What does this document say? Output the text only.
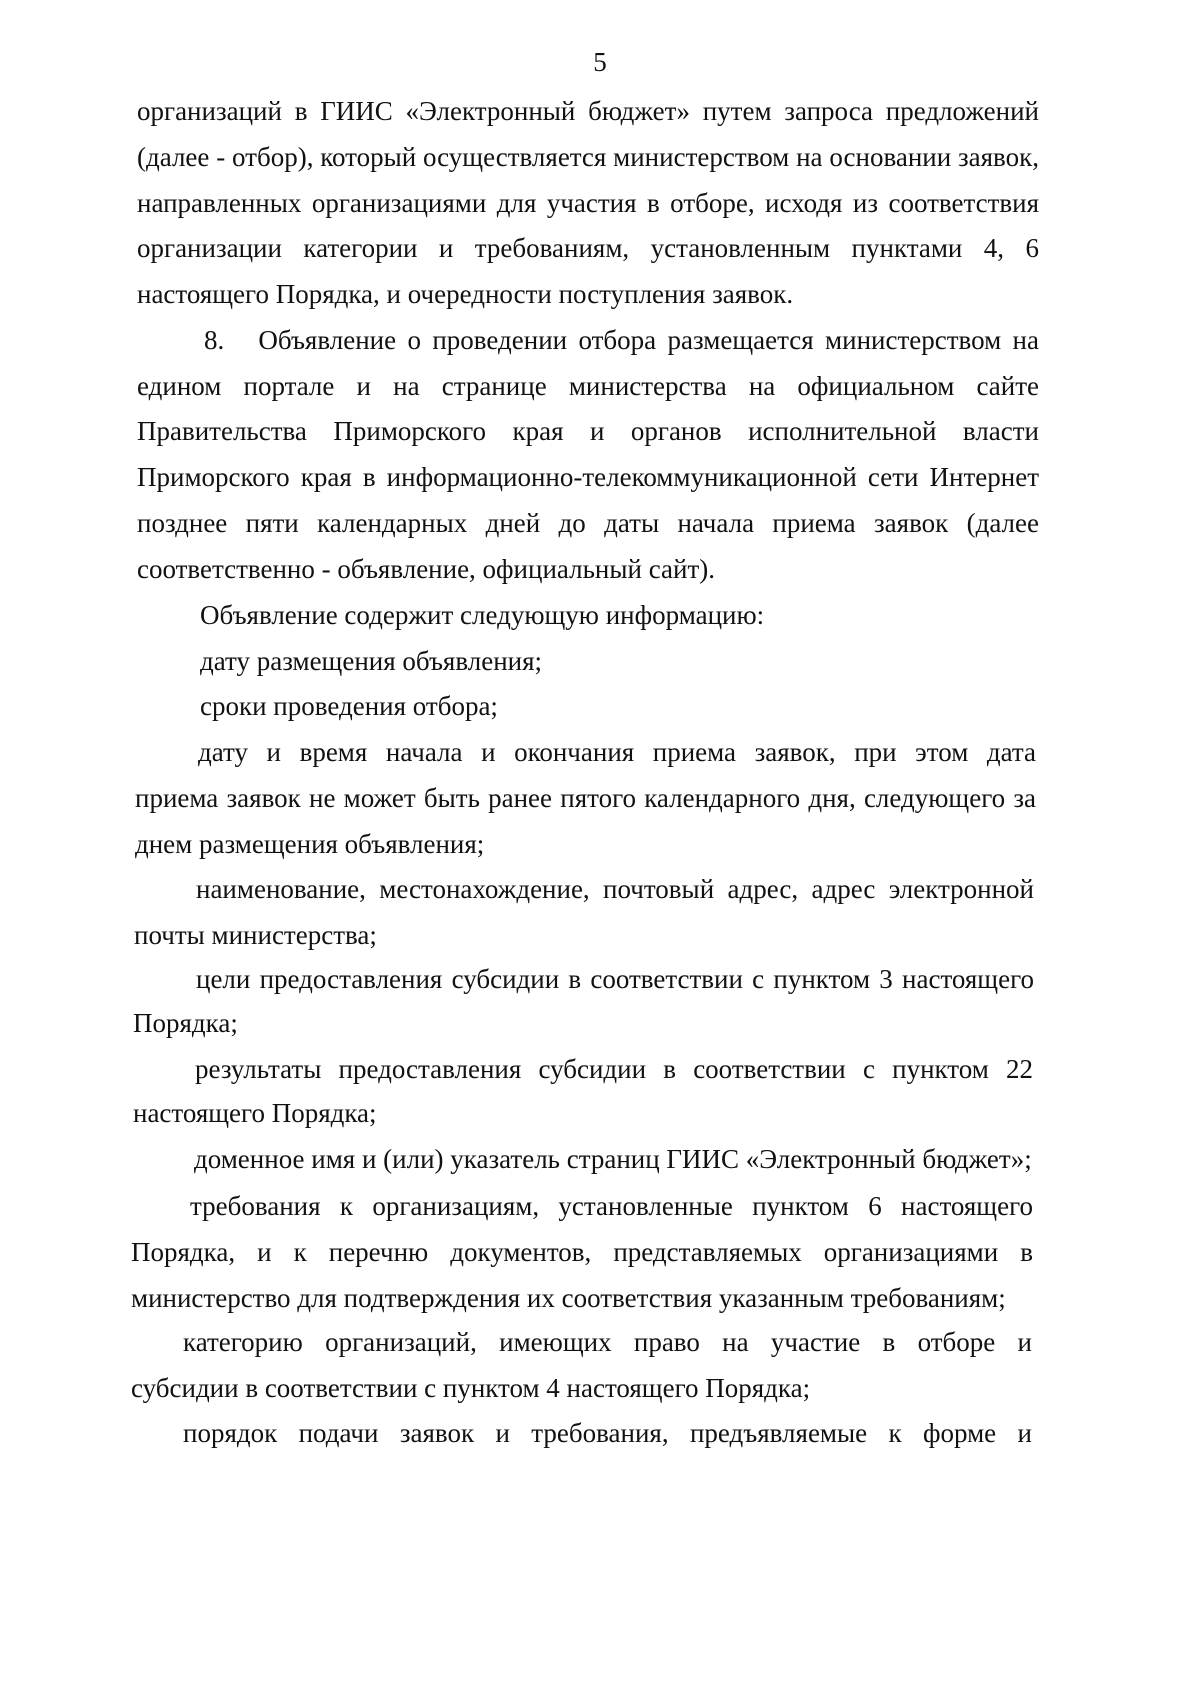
5
организаций в ГИИС «Электронный бюджет» путем запроса предложений
(далее - отбор), который осуществляется министерством на основании заявок,
направленных организациями для участия в отборе, исходя из соответствия
организации категории и требованиям, установленным пунктами 4, 6
настоящего Порядка, и очередности поступления заявок.
8.   Объявление о проведении отбора размещается министерством на
едином портале и на странице министерства на официальном сайте
Правительства Приморского края и органов исполнительной власти
Приморского края в информационно-телекоммуникационной сети Интернет
позднее пяти календарных дней до даты начала приема заявок (далее
соответственно - объявление, официальный сайт).
Объявление содержит следующую информацию:
дату размещения объявления;
сроки проведения отбора;
дату и время начала и окончания приема заявок, при этом дата
приема заявок не может быть ранее пятого календарного дня, следующего за
днем размещения объявления;
наименование, местонахождение, почтовый адрес, адрес электронной
почты министерства;
цели предоставления субсидии в соответствии с пунктом 3 настоящего
Порядка;
результаты предоставления субсидии в соответствии с пунктом 22
настоящего Порядка;
доменное имя и (или) указатель страниц ГИИС «Электронный бюджет»;
требования к организациям, установленные пунктом 6 настоящего
Порядка, и к перечню документов, представляемых организациями в
министерство для подтверждения их соответствия указанным требованиям;
категорию организаций, имеющих право на участие в отборе и
субсидии в соответствии с пунктом 4 настоящего Порядка;
порядок подачи заявок и требования, предъявляемые к форме и
